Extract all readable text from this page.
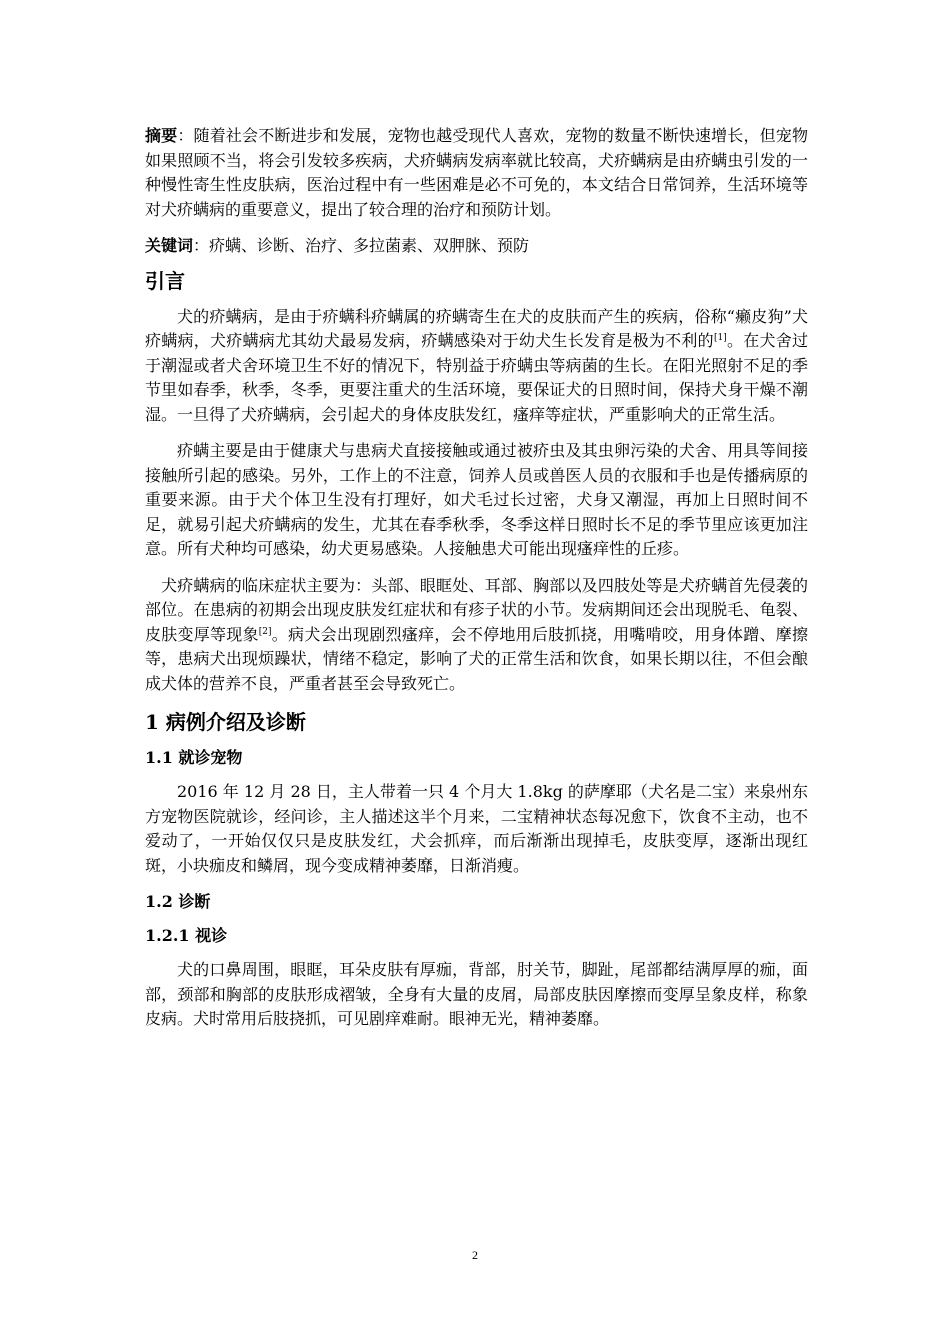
摘要：随着社会不断进步和发展，宠物也越受现代人喜欢，宠物的数量不断快速增长，但宠物如果照顾不当，将会引发较多疾病，犬疥螨病发病率就比较高，犬疥螨病是由疥螨虫引发的一种慢性寄生性皮肤病，医治过程中有一些困难是必不可免的，本文结合日常饲养，生活环境等对犬疥螨病的重要意义，提出了较合理的治疗和预防计划。

关键词：疥螨、诊断、治疗、多拉菌素、双胛脒、预防

引言

犬的疥螨病，是由于疥螨科疥螨属的疥螨寄生在犬的皮肤而产生的疾病，俗称“癞皮狗”犬疥螨病，犬疥螨病尤其幼犬最易发病，疥螨感染对于幼犬生长发育是极为不利的[1]。在犬舍过于潮湿或者犬舍环境卫生不好的情况下，特别益于疥螨虫等病菌的生长。在阳光照射不足的季节里如春季，秋季，冬季，更要注重犬的生活环境，要保证犬的日照时间，保持犬身干燥不潮湿。一旦得了犬疥螨病，会引起犬的身体皮肤发红，瘙痒等症状，严重影响犬的正常生活。

疥螨主要是由于健康犬与患病犬直接接触或通过被疥虫及其虫卵污染的犬舍、用具等间接接触所引起的感染。另外，工作上的不注意，饲养人员或兽医人员的衣服和手也是传播病原的重要来源。由于犬个体卫生没有打理好，如犬毛过长过密，犬身又潮湿，再加上日照时间不足，就易引起犬疥螨病的发生，尤其在春季秋季，冬季这样日照时长不足的季节里应该更加注意。所有犬种均可感染，幼犬更易感染。人接触患犬可能出现瘙痒性的丘疹。

犬疥螨病的临床症状主要为：头部、眼眶处、耳部、胸部以及四肢处等是犬疥螨首先侵袭的部位。在患病的初期会出现皮肤发红症状和有疹子状的小节。发病期间还会出现脱毛、龟裂、皮肤变厚等现象[2]。病犬会出现剧烈瘙痒，会不停地用后肢抓挠，用嘴啃咬，用身体蹭、摩擦等，患病犬出现烦躁状，情绪不稳定，影响了犬的正常生活和饮食，如果长期以往，不但会酿成犬体的营养不良，严重者甚至会导致死亡。

1 病例介绍及诊断
1.1 就诊宠物

2016 年 12 月 28 日，主人带着一只 4 个月大 1.8kg 的萨摩耶（犬名是二宝）来泉州东方宠物医院就诊，经问诊，主人描述这半个月来，二宝精神状态每况愈下，饮食不主动，也不爱动了，一开始仅仅只是皮肤发红，犬会抓痒，而后渐渐出现掉毛，皮肤变厚，逐渐出现红斑，小块痂皮和鳞屑，现今变成精神萎靡，日渐消瘦。

1.2 诊断
1.2.1 视诊

犬的口鼻周围，眼眶，耳朵皮肤有厚痂，背部，肘关节，脚趾，尾部都结满厚厚的痂，面部，颈部和胸部的皮肤形成褶皱，全身有大量的皮屑，局部皮肤因摩擦而变厚呈象皮样，称象皮病。犬时常用后肢挠抓，可见剧痒难耐。眼神无光，精神萎靡。

2
